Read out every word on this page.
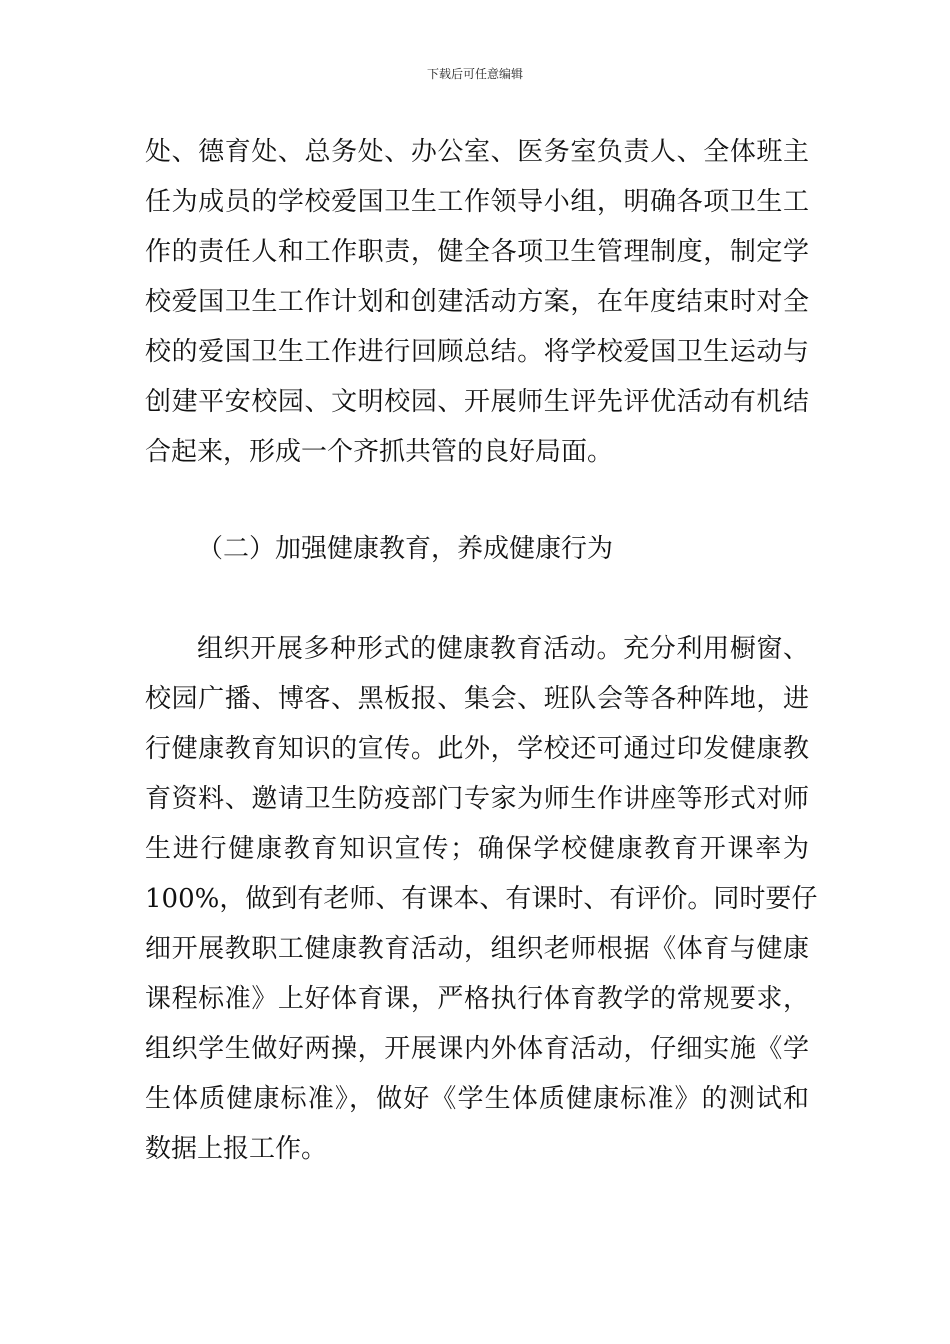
下载后可任意编辑
处、德育处、总务处、办公室、医务室负责人、全体班主
任为成员的学校爱国卫生工作领导小组，明确各项卫生工
作的责任人和工作职责，健全各项卫生管理制度，制定学
校爱国卫生工作计划和创建活动方案，在年度结束时对全
校的爱国卫生工作进行回顾总结。将学校爱国卫生运动与
创建平安校园、文明校园、开展师生评先评优活动有机结
合起来，形成一个齐抓共管的良好局面。
（二）加强健康教育，养成健康行为
组织开展多种形式的健康教育活动。充分利用橱窗、
校园广播、博客、黑板报、集会、班队会等各种阵地，进
行健康教育知识的宣传。此外，学校还可通过印发健康教
育资料、邀请卫生防疫部门专家为师生作讲座等形式对师
生进行健康教育知识宣传；确保学校健康教育开课率为
100%，做到有老师、有课本、有课时、有评价。同时要仔
细开展教职工健康教育活动，组织老师根据《体育与健康
课程标准》上好体育课，严格执行体育教学的常规要求，
组织学生做好两操，开展课内外体育活动，仔细实施《学
生体质健康标准》，做好《学生体质健康标准》的测试和
数据上报工作。
